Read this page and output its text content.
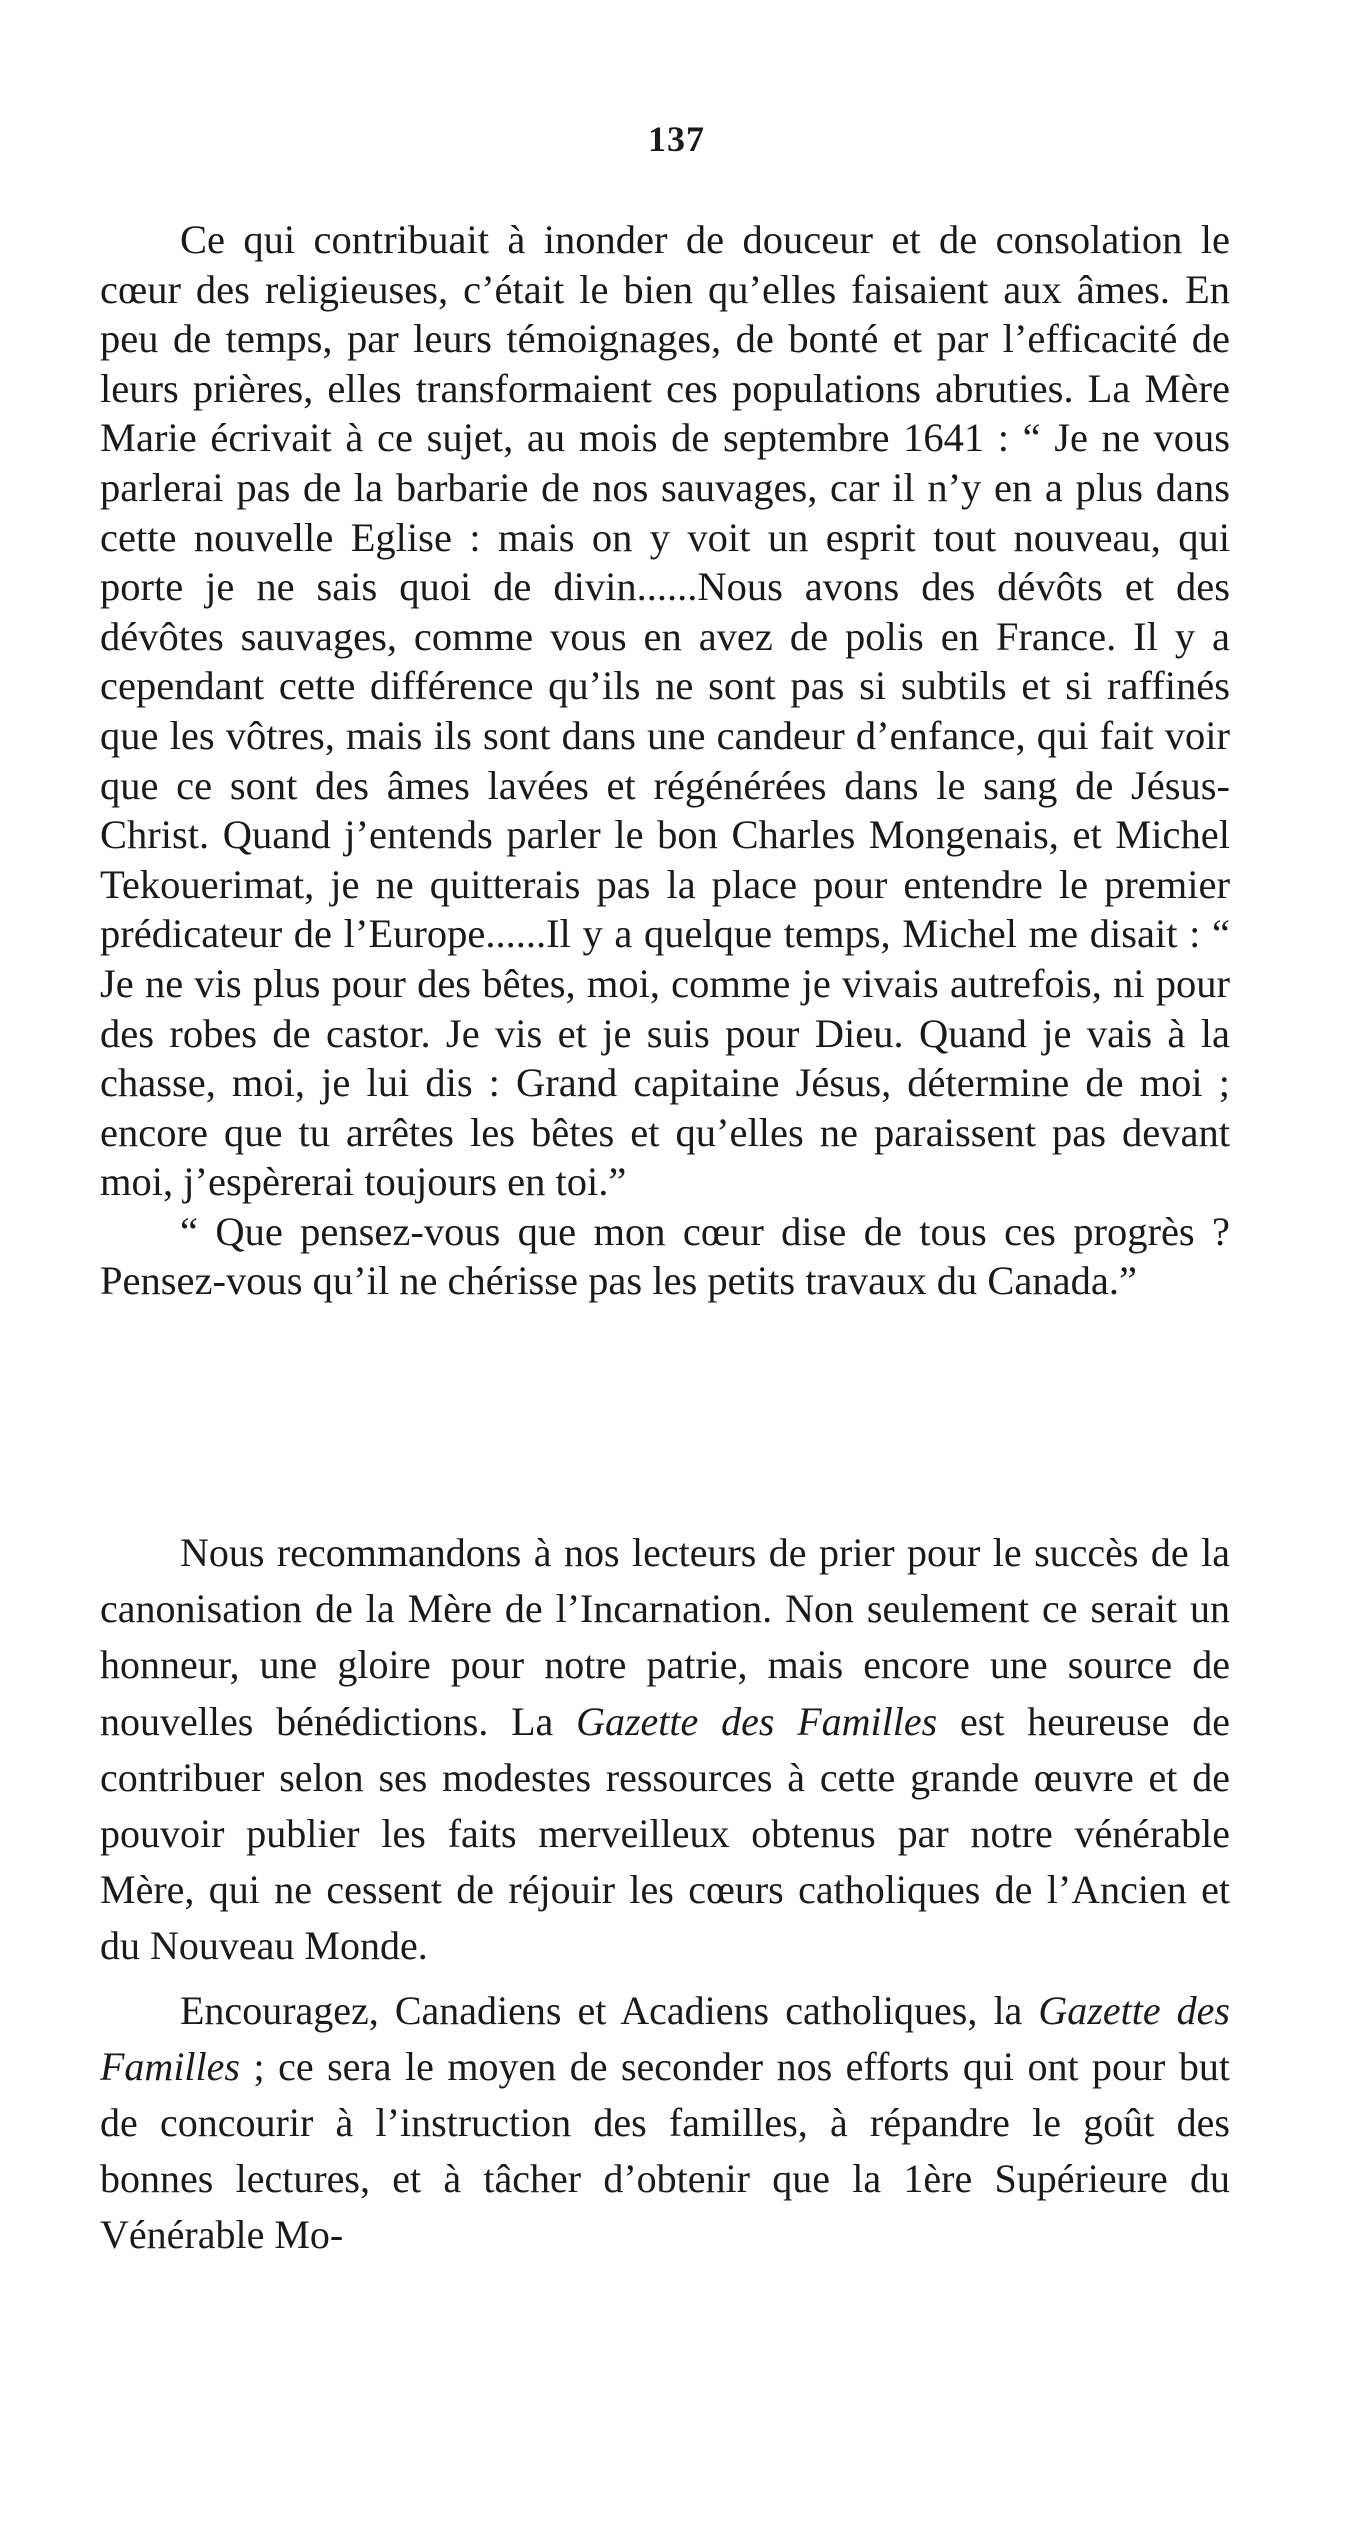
137

Ce qui contribuait à inonder de douceur et de consolation le cœur des religieuses, c’était le bien qu’elles faisaient aux âmes. En peu de temps, par leurs témoignages, de bonté et par l’efficacité de leurs prières, elles transformaient ces populations abruties. La Mère Marie écrivait à ce sujet, au mois de septembre 1641 : “ Je ne vous parlerai pas de la barbarie de nos sauvages, car il n’y en a plus dans cette nouvelle Eglise : mais on y voit un esprit tout nouveau, qui porte je ne sais quoi de divin......Nous avons des dévôts et des dévôtes sauvages, comme vous en avez de polis en France. Il y a cependant cette différence qu’ils ne sont pas si subtils et si raffinés que les vôtres, mais ils sont dans une candeur d’enfance, qui fait voir que ce sont des âmes lavées et régénérées dans le sang de Jésus-Christ. Quand j’entends parler le bon Charles Mongenais, et Michel Tekouerimat, je ne quitterais pas la place pour entendre le premier prédicateur de l’Europe......Il y a quelque temps, Michel me disait : “ Je ne vis plus pour des bêtes, moi, comme je vivais autrefois, ni pour des robes de castor. Je vis et je suis pour Dieu. Quand je vais à la chasse, moi, je lui dis : Grand capitaine Jésus, détermine de moi ; encore que tu arrêtes les bêtes et qu’elles ne paraissent pas devant moi, j’espèrerai toujours en toi.”

“ Que pensez-vous que mon cœur dise de tous ces progrès ? Pensez-vous qu’il ne chérisse pas les petits travaux du Canada.”

Nous recommandons à nos lecteurs de prier pour le succès de la canonisation de la Mère de l’Incarnation. Non seulement ce serait un honneur, une gloire pour notre patrie, mais encore une source de nouvelles bénédictions. La Gazette des Familles est heureuse de contribuer selon ses modestes ressources à cette grande œuvre et de pouvoir publier les faits merveilleux obtenus par notre vénérable Mère, qui ne cessent de réjouir les cœurs catholiques de l’Ancien et du Nouveau Monde.

Encouragez, Canadiens et Acadiens catholiques, la Gazette des Familles ; ce sera le moyen de seconder nos efforts qui ont pour but de concourir à l’instruction des familles, à répandre le goût des bonnes lectures, et à tâcher d’obtenir que la 1ère Supérieure du Vénérable Mo-
